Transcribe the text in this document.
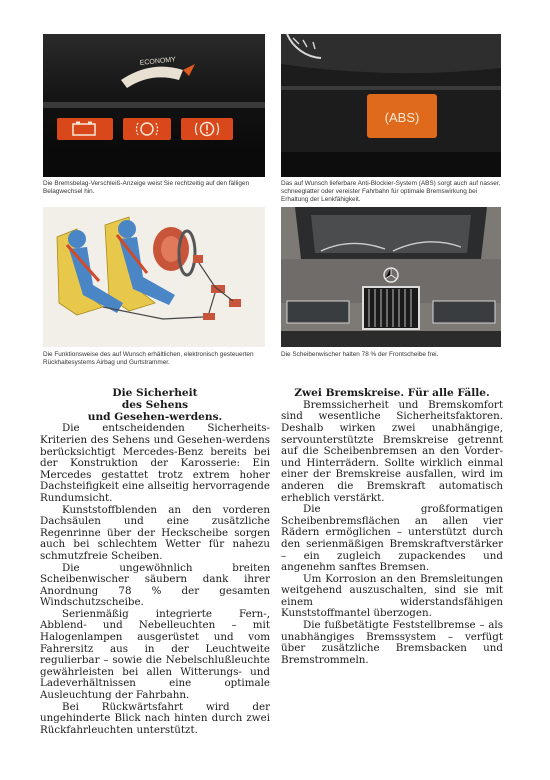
ECONOMY
Die Bremsbelag-Verschleiß-Anzeige weist Sie rechtzeitig auf den fälligen Belagwechsel hin.
(ABS)
Das auf Wunsch lieferbare Anti-Blockier-System (ABS) sorgt auch auf nasser, schneeglatter oder vereister Fahrbahn für optimale Bremswirkung bei Erhaltung der Lenkfähigkeit.
Die Funktionsweise des auf Wunsch erhältlichen, elektronisch gesteuerten Rückhaltesystems Airbag und Gurtstrammer.
Die Scheibenwischer halten 78 % der Frontscheibe frei.

Die Sicherheit

des Sehens

und Gesehen-werdens.

Die entscheidenden Sicherheits-Kriterien des Sehens und Gesehen-werdens berücksichtigt Mercedes-Benz bereits bei der Konstruktion der Karosserie: Ein Mercedes gestattet trotz extrem hoher Dachsteifigkeit eine allseitig hervorragende Rundumsicht.

Kunststoffblenden an den vorderen Dachsäulen und eine zusätzliche Regenrinne über der Heckscheibe sorgen auch bei schlechtem Wetter für nahezu schmutzfreie Scheiben.

Die ungewöhnlich breiten Scheibenwischer säubern dank ihrer Anordnung 78 % der gesamten Windschutzscheibe.

Serienmäßig integrierte Fern-, Abblend- und Nebelleuchten – mit Halogenlampen ausgerüstet und vom Fahrersitz aus in der Leuchtweite regulierbar – sowie die Nebelschlußleuchte gewährleisten bei allen Witterungs- und Ladeverhältnissen eine optimale Ausleuchtung der Fahrbahn.

Bei Rückwärtsfahrt wird der ungehinderte Blick nach hinten durch zwei Rückfahrleuchten unterstützt.

Zwei Bremskreise. Für alle Fälle.

Bremssicherheit und Bremskomfort sind wesentliche Sicherheitsfaktoren. Deshalb wirken zwei unabhängige, servounterstützte Bremskreise getrennt auf die Scheibenbremsen an den Vorder- und Hinterrädern. Sollte wirklich einmal einer der Bremskreise ausfallen, wird im anderen die Bremskraft automatisch erheblich verstärkt.

Die großformatigen Scheibenbremsflächen an allen vier Rädern ermöglichen – unterstützt durch den serienmäßigen Bremskraftverstärker – ein zugleich zupackendes und angenehm sanftes Bremsen.

Um Korrosion an den Bremsleitungen weitgehend auszuschalten, sind sie mit einem widerstandsfähigen Kunststoffmantel überzogen.

Die fußbetätigte Feststellbremse – als unabhängiges Bremssystem – verfügt über zusätzliche Bremsbacken und Bremstrommeln.
